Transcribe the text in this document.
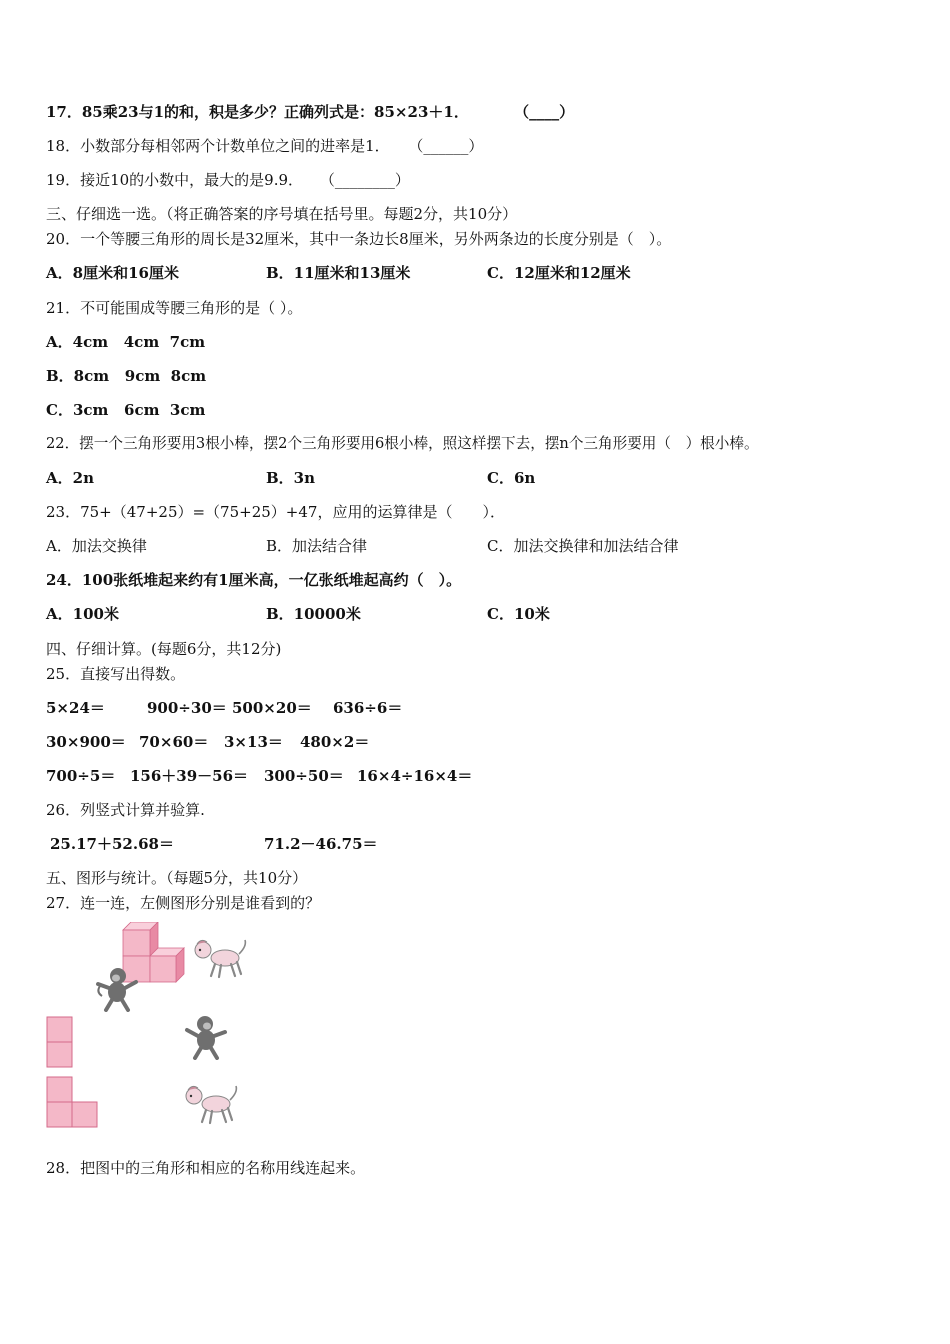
17．85乘23与1的和，积是多少？正确列式是：85×23＋1．	（____）
18．小数部分每相邻两个计数单位之间的进率是1． （______）
19．接近10的小数中，最大的是9.9． （________）
三、仔细选一选。（将正确答案的序号填在括号里。每题2分，共10分）
20．一个等腰三角形的周长是32厘米，其中一条边长8厘米，另外两条边的长度分别是（　）。
A．8厘米和16厘米	B．11厘米和13厘米	C．12厘米和12厘米
21．不可能围成等腰三角形的是（ ）。
A．4cm   4cm  7cm
B．8cm   9cm  8cm
C．3cm   6cm  3cm
22．摆一个三角形要用3根小棒，摆2个三角形要用6根小棒，照这样摆下去，摆n个三角形要用（　）根小棒。
A．2n	B．3n	C．6n
23．75+（47+25）=（75+25）+47，应用的运算律是（　　）．
A．加法交换律	B．加法结合律	C．加法交换律和加法结合律
24．100张纸堆起来约有1厘米高，一亿张纸堆起高约（　）。
A．100米	B．10000米	C．10米
四、仔细计算。(每题6分，共12分)
25．直接写出得数。
5×24＝	900÷30＝ 500×20＝ 636÷6＝
30×900＝ 70×60＝ 3×13＝ 480×2＝
700÷5＝ 156＋39－56＝ 300÷50＝ 16×4÷16×4＝
26．列竖式计算并验算.
25.17＋52.68＝	71.2－46.75＝
五、图形与统计。（每题5分，共10分）
27．连一连，左侧图形分别是谁看到的？
28．把图中的三角形和相应的名称用线连起来。
